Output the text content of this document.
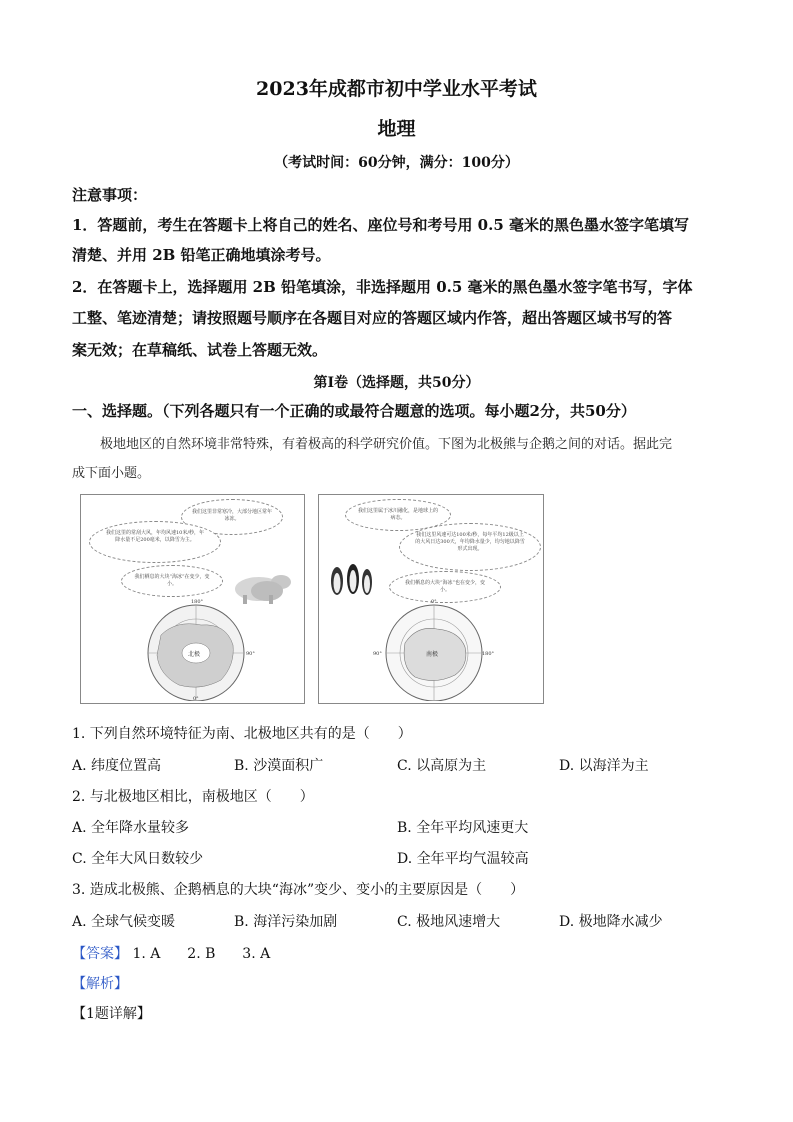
2023年成都市初中学业水平考试
地理
（考试时间：60分钟，满分：100分）
注意事项：
1．答题前，考生在答题卡上将自己的姓名、座位号和考号用 0.5 毫米的黑色墨水签字笔填写
清楚、并用 2B 铅笔正确地填涂考号。
2．在答题卡上，选择题用 2B 铅笔填涂，非选择题用 0.5 毫米的黑色墨水签字笔书写，字体
工整、笔迹清楚；请按照题号顺序在各题目对应的答题区域内作答，超出答题区域书写的答
案无效；在草稿纸、试卷上答题无效。
第Ⅰ卷（选择题，共50分）
一、选择题。（下列各题只有一个正确的或最符合题意的选项。每小题2分，共50分）
极地地区的自然环境非常特殊，有着极高的科学研究价值。下图为北极熊与企鹅之间的对话。据此完
成下面小题。
我们这里非常寒冷，大部分地区常年冰冻。
我们这里的常刮大风，年均风速10米/秒，年降水量不足200毫米，以降雪为主。
我们栖息的大块“海冰”在变少，变小。
北极
180°
90°
0°
我们这里属于冰川融化，是地球上的病态。
我们这里风速可达100米/秒，每年平均12级以上的大风日达300天，年均降水量少，均匀地以降雪形式出现。
我们栖息的大块“海冰”也在变少，变小。
南极
0°
90°	180°
1. 下列自然环境特征为南、北极地区共有的是（　　）
A. 纬度位置高	B. 沙漠面积广	C. 以高原为主	D. 以海洋为主
2. 与北极地区相比，南极地区（　　）
A. 全年降水量较多	B. 全年平均风速更大
C. 全年大风日数较少	D. 全年平均气温较高
3. 造成北极熊、企鹅栖息的大块“海冰”变少、变小的主要原因是（　　）
A. 全球气候变暖	B. 海洋污染加剧	C. 极地风速增大	D. 极地降水减少
【答案】 1. A 2. B 3. A
【解析】
【1题详解】
